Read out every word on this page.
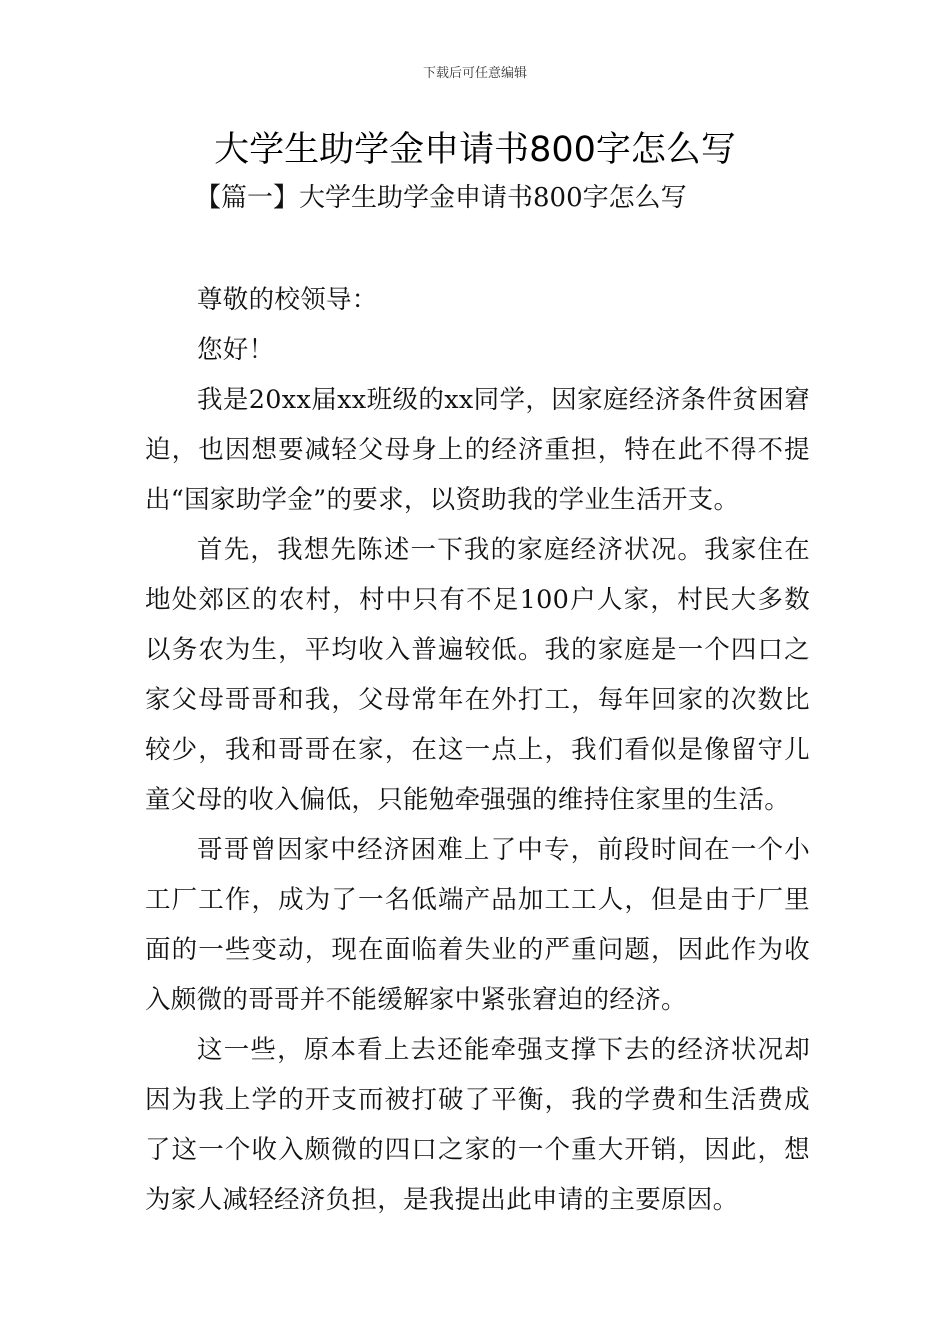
下载后可任意编辑
大学生助学金申请书800字怎么写
【篇一】大学生助学金申请书800字怎么写

尊敬的校领导：

您好！

我是20xx届xx班级的xx同学，因家庭经济条件贫困窘迫，也因想要减轻父母身上的经济重担，特在此不得不提出“国家助学金”的要求，以资助我的学业生活开支。

首先，我想先陈述一下我的家庭经济状况。我家住在地处郊区的农村，村中只有不足100户人家，村民大多数以务农为生，平均收入普遍较低。我的家庭是一个四口之家父母哥哥和我，父母常年在外打工，每年回家的次数比较少，我和哥哥在家，在这一点上，我们看似是像留守儿童父母的收入偏低，只能勉牵强强的维持住家里的生活。

哥哥曾因家中经济困难上了中专，前段时间在一个小工厂工作，成为了一名低端产品加工工人，但是由于厂里面的一些变动，现在面临着失业的严重问题，因此作为收入颇微的哥哥并不能缓解家中紧张窘迫的经济。

这一些，原本看上去还能牵强支撑下去的经济状况却因为我上学的开支而被打破了平衡，我的学费和生活费成了这一个收入颇微的四口之家的一个重大开销，因此，想为家人减轻经济负担，是我提出此申请的主要原因。
